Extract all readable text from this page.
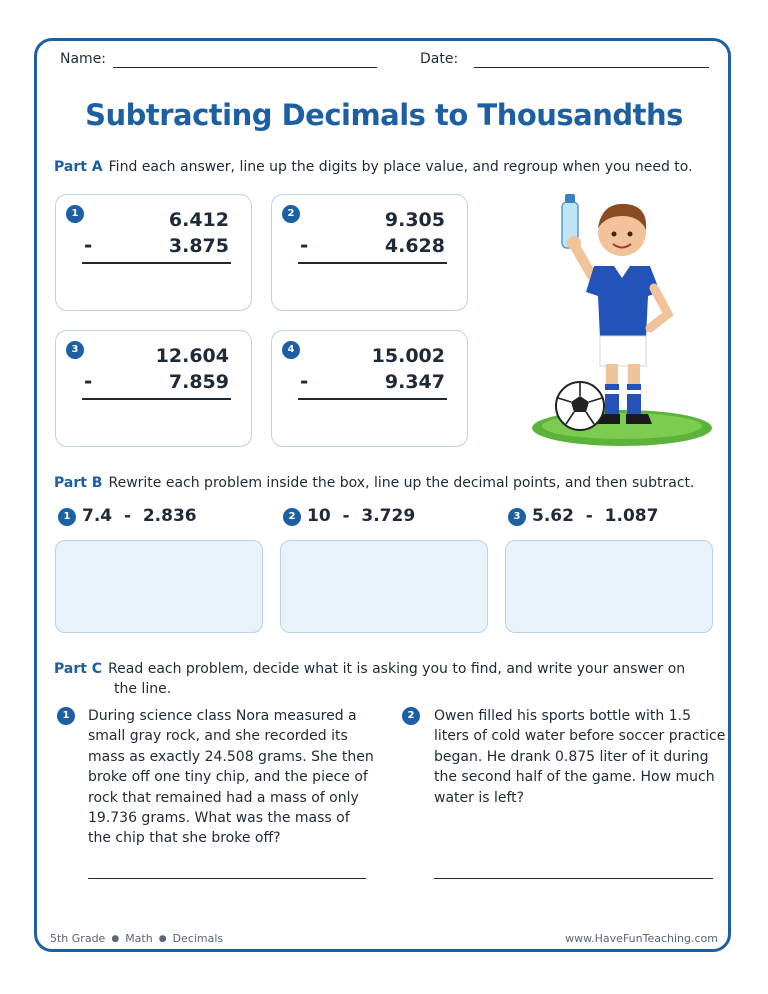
Name:	Date:
Subtracting Decimals to Thousandths
Part A Find each answer, line up the digits by place value, and regroup when you need to.
1	6.412
-	3.875
2	9.305
-	4.628
3	12.604
-	7.859
4	15.002
-	9.347
Part B Rewrite each problem inside the box, line up the decimal points, and then subtract.
1 7.4  -  2.836	2 10  -  3.729	3 5.62  -  1.087
Part C Read each problem, decide what it is asking you to find, and write your answer on
the line.
1	During science class Nora measured a
small gray rock, and she recorded its
mass as exactly 24.508 grams. She then
broke off one tiny chip, and the piece of
rock that remained had a mass of only
19.736 grams. What was the mass of
the chip that she broke off?
2	Owen filled his sports bottle with 1.5
liters of cold water before soccer practice
began. He drank 0.875 liter of it during
the second half of the game. How much
water is left?
5th Grade ● Math ● Decimals	www.HaveFunTeaching.com
